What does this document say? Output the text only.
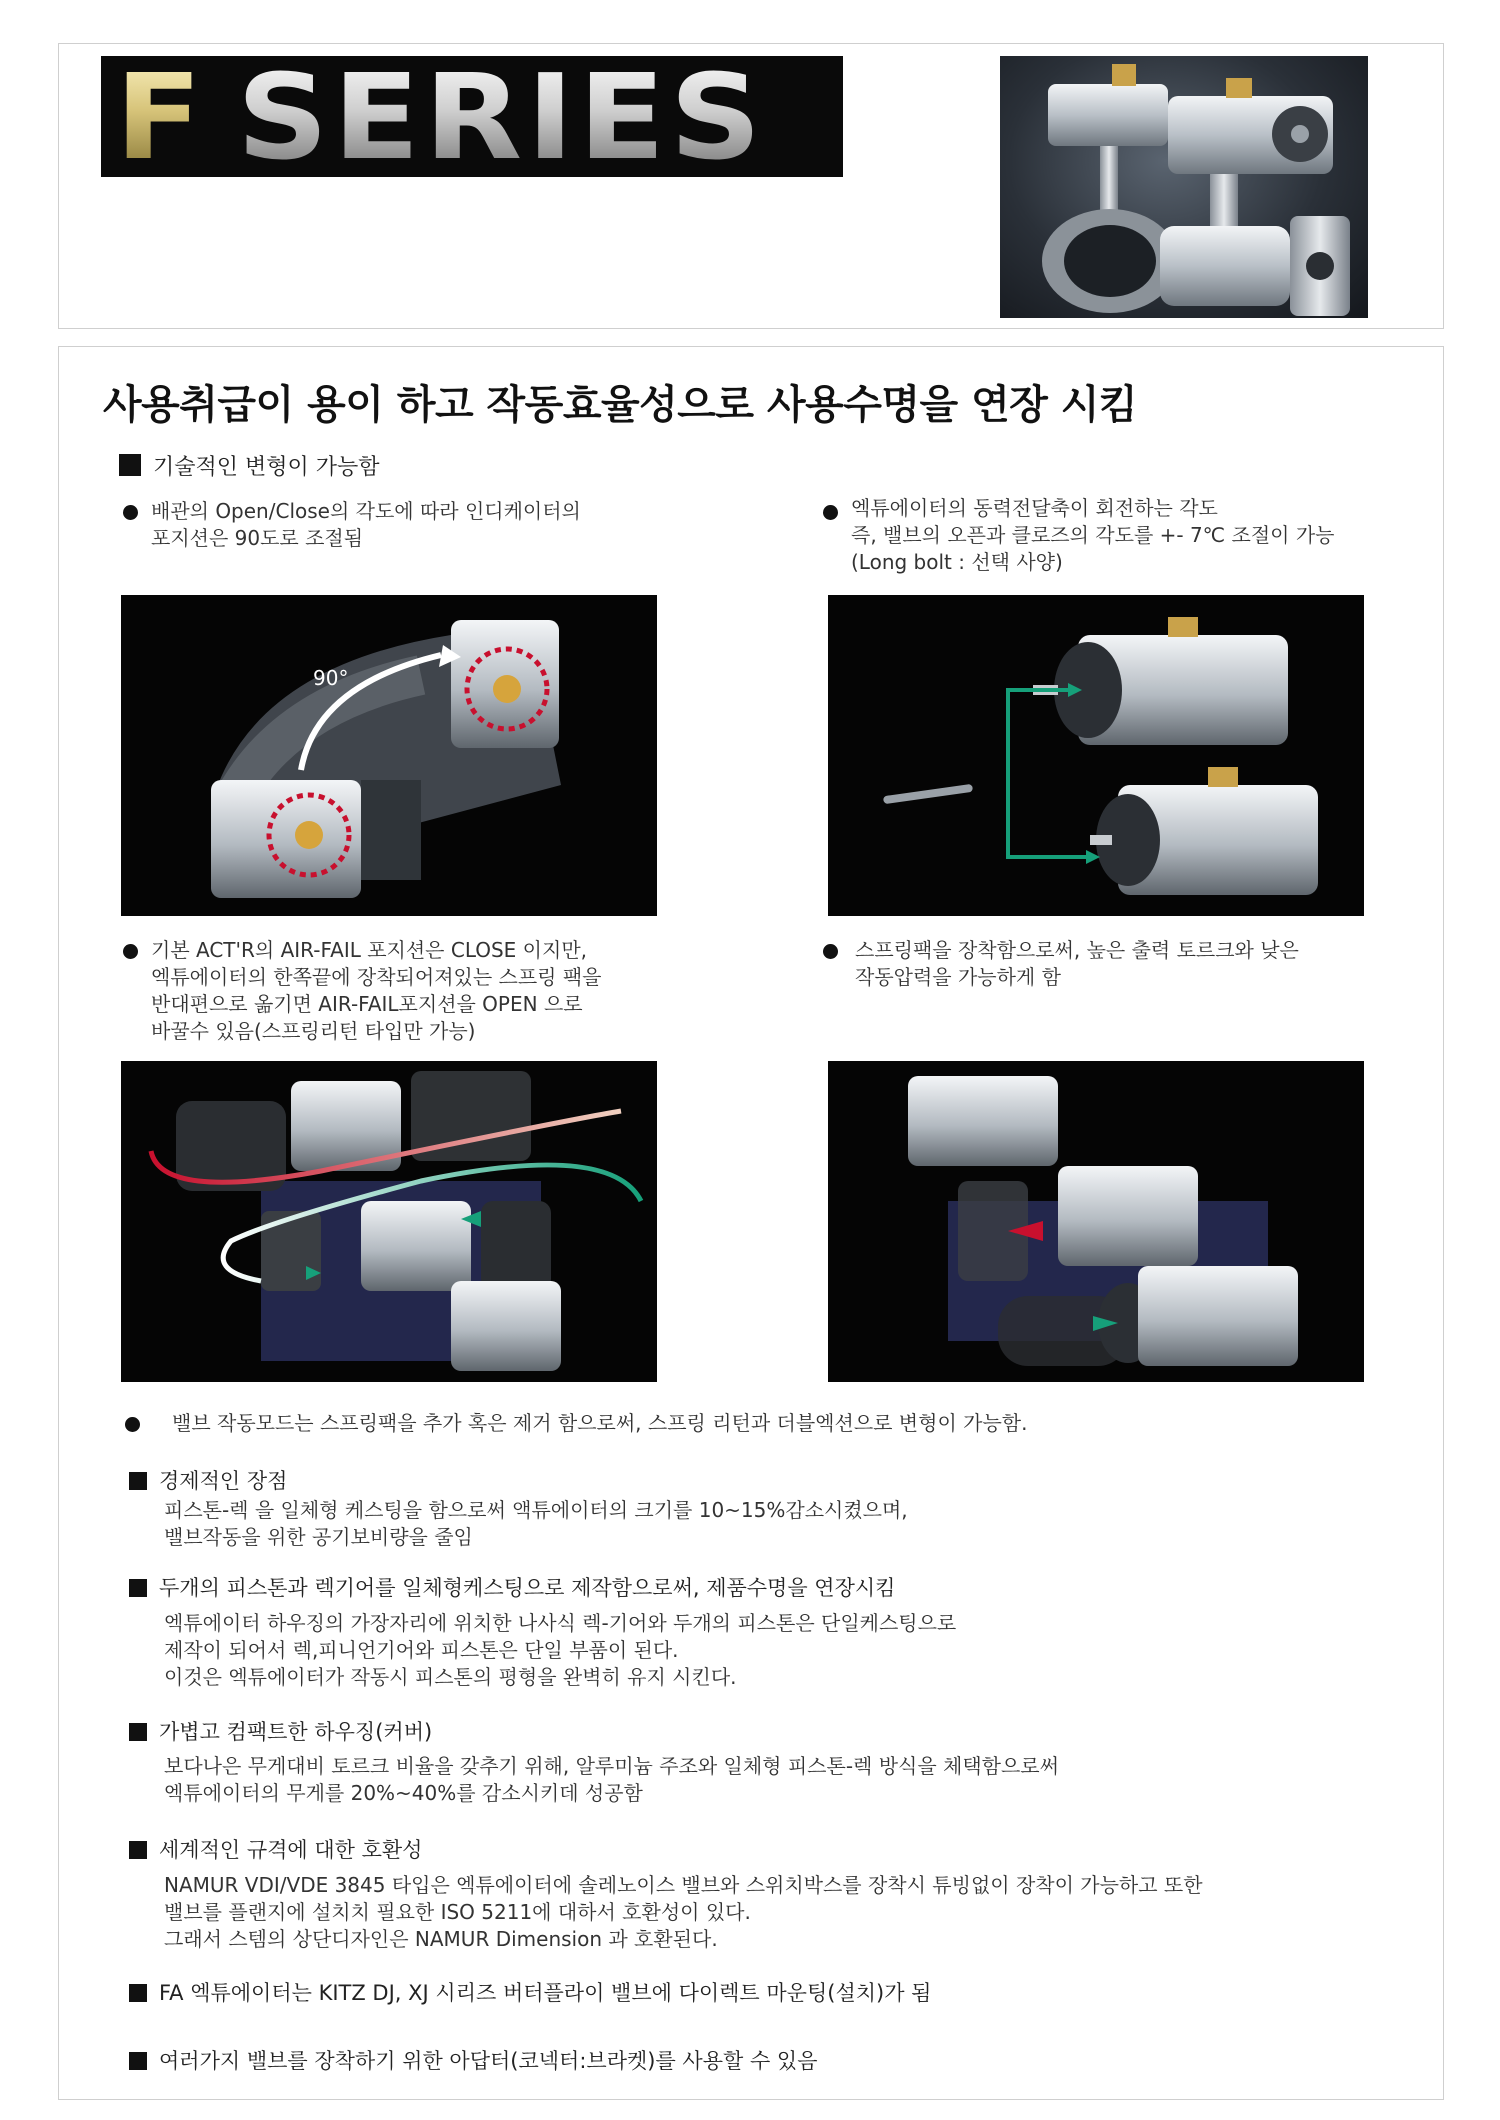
F SERIES
사용취급이 용이 하고 작동효율성으로 사용수명을 연장 시킴
기술적인 변형이 가능함
배관의 Open/Close의 각도에 따라 인디케이터의
포지션은 90도로 조절됨
엑튜에이터의 동력전달축이 회전하는 각도
즉, 밸브의 오픈과 클로즈의 각도를 +- 7℃ 조절이 가능
(Long bolt : 선택 사양)
90°
기본 ACT'R의 AIR-FAIL 포지션은 CLOSE 이지만,
엑튜에이터의 한쪽끝에 장착되어져있는 스프링 팩을
반대편으로 옮기면 AIR-FAIL포지션을 OPEN 으로
바꿀수 있음(스프링리턴 타입만 가능)
스프링팩을 장착함으로써, 높은 출력 토르크와 낮은
작동압력을 가능하게 함
밸브 작동모드는 스프링팩을 추가 혹은 제거 함으로써, 스프링 리턴과 더블엑션으로 변형이 가능함.
경제적인 장점
피스톤-렉 을 일체형 케스팅을 함으로써 액튜에이터의 크기를 10~15%감소시켰으며,
밸브작동을 위한 공기보비량을 줄임
두개의 피스톤과 렉기어를 일체형케스팅으로 제작함으로써, 제품수명을 연장시킴
엑튜에이터 하우징의 가장자리에 위치한 나사식 렉-기어와 두개의 피스톤은 단일케스팅으로
제작이 되어서 렉,피니언기어와 피스톤은 단일 부품이 된다.
이것은 엑튜에이터가 작동시 피스톤의 평형을 완벽히 유지 시킨다.
가볍고 컴팩트한 하우징(커버)
보다나은 무게대비 토르크 비율을 갖추기 위해, 알루미늄 주조와 일체형 피스톤-렉 방식을 체택함으로써
엑튜에이터의 무게를 20%~40%를 감소시키데 성공함
세계적인 규격에 대한 호환성
NAMUR VDI/VDE 3845 타입은 엑튜에이터에 솔레노이스 밸브와 스위치박스를 장착시 튜빙없이 장착이 가능하고 또한
밸브를 플랜지에 설치치 필요한 ISO 5211에 대하서 호환성이 있다.
그래서 스템의 상단디자인은 NAMUR Dimension 과 호환된다.
FA 엑튜에이터는 KITZ DJ, XJ 시리즈 버터플라이 밸브에 다이렉트 마운팅(설치)가 됨
여러가지 밸브를 장착하기 위한 아답터(코넥터:브라켓)를 사용할 수 있음
